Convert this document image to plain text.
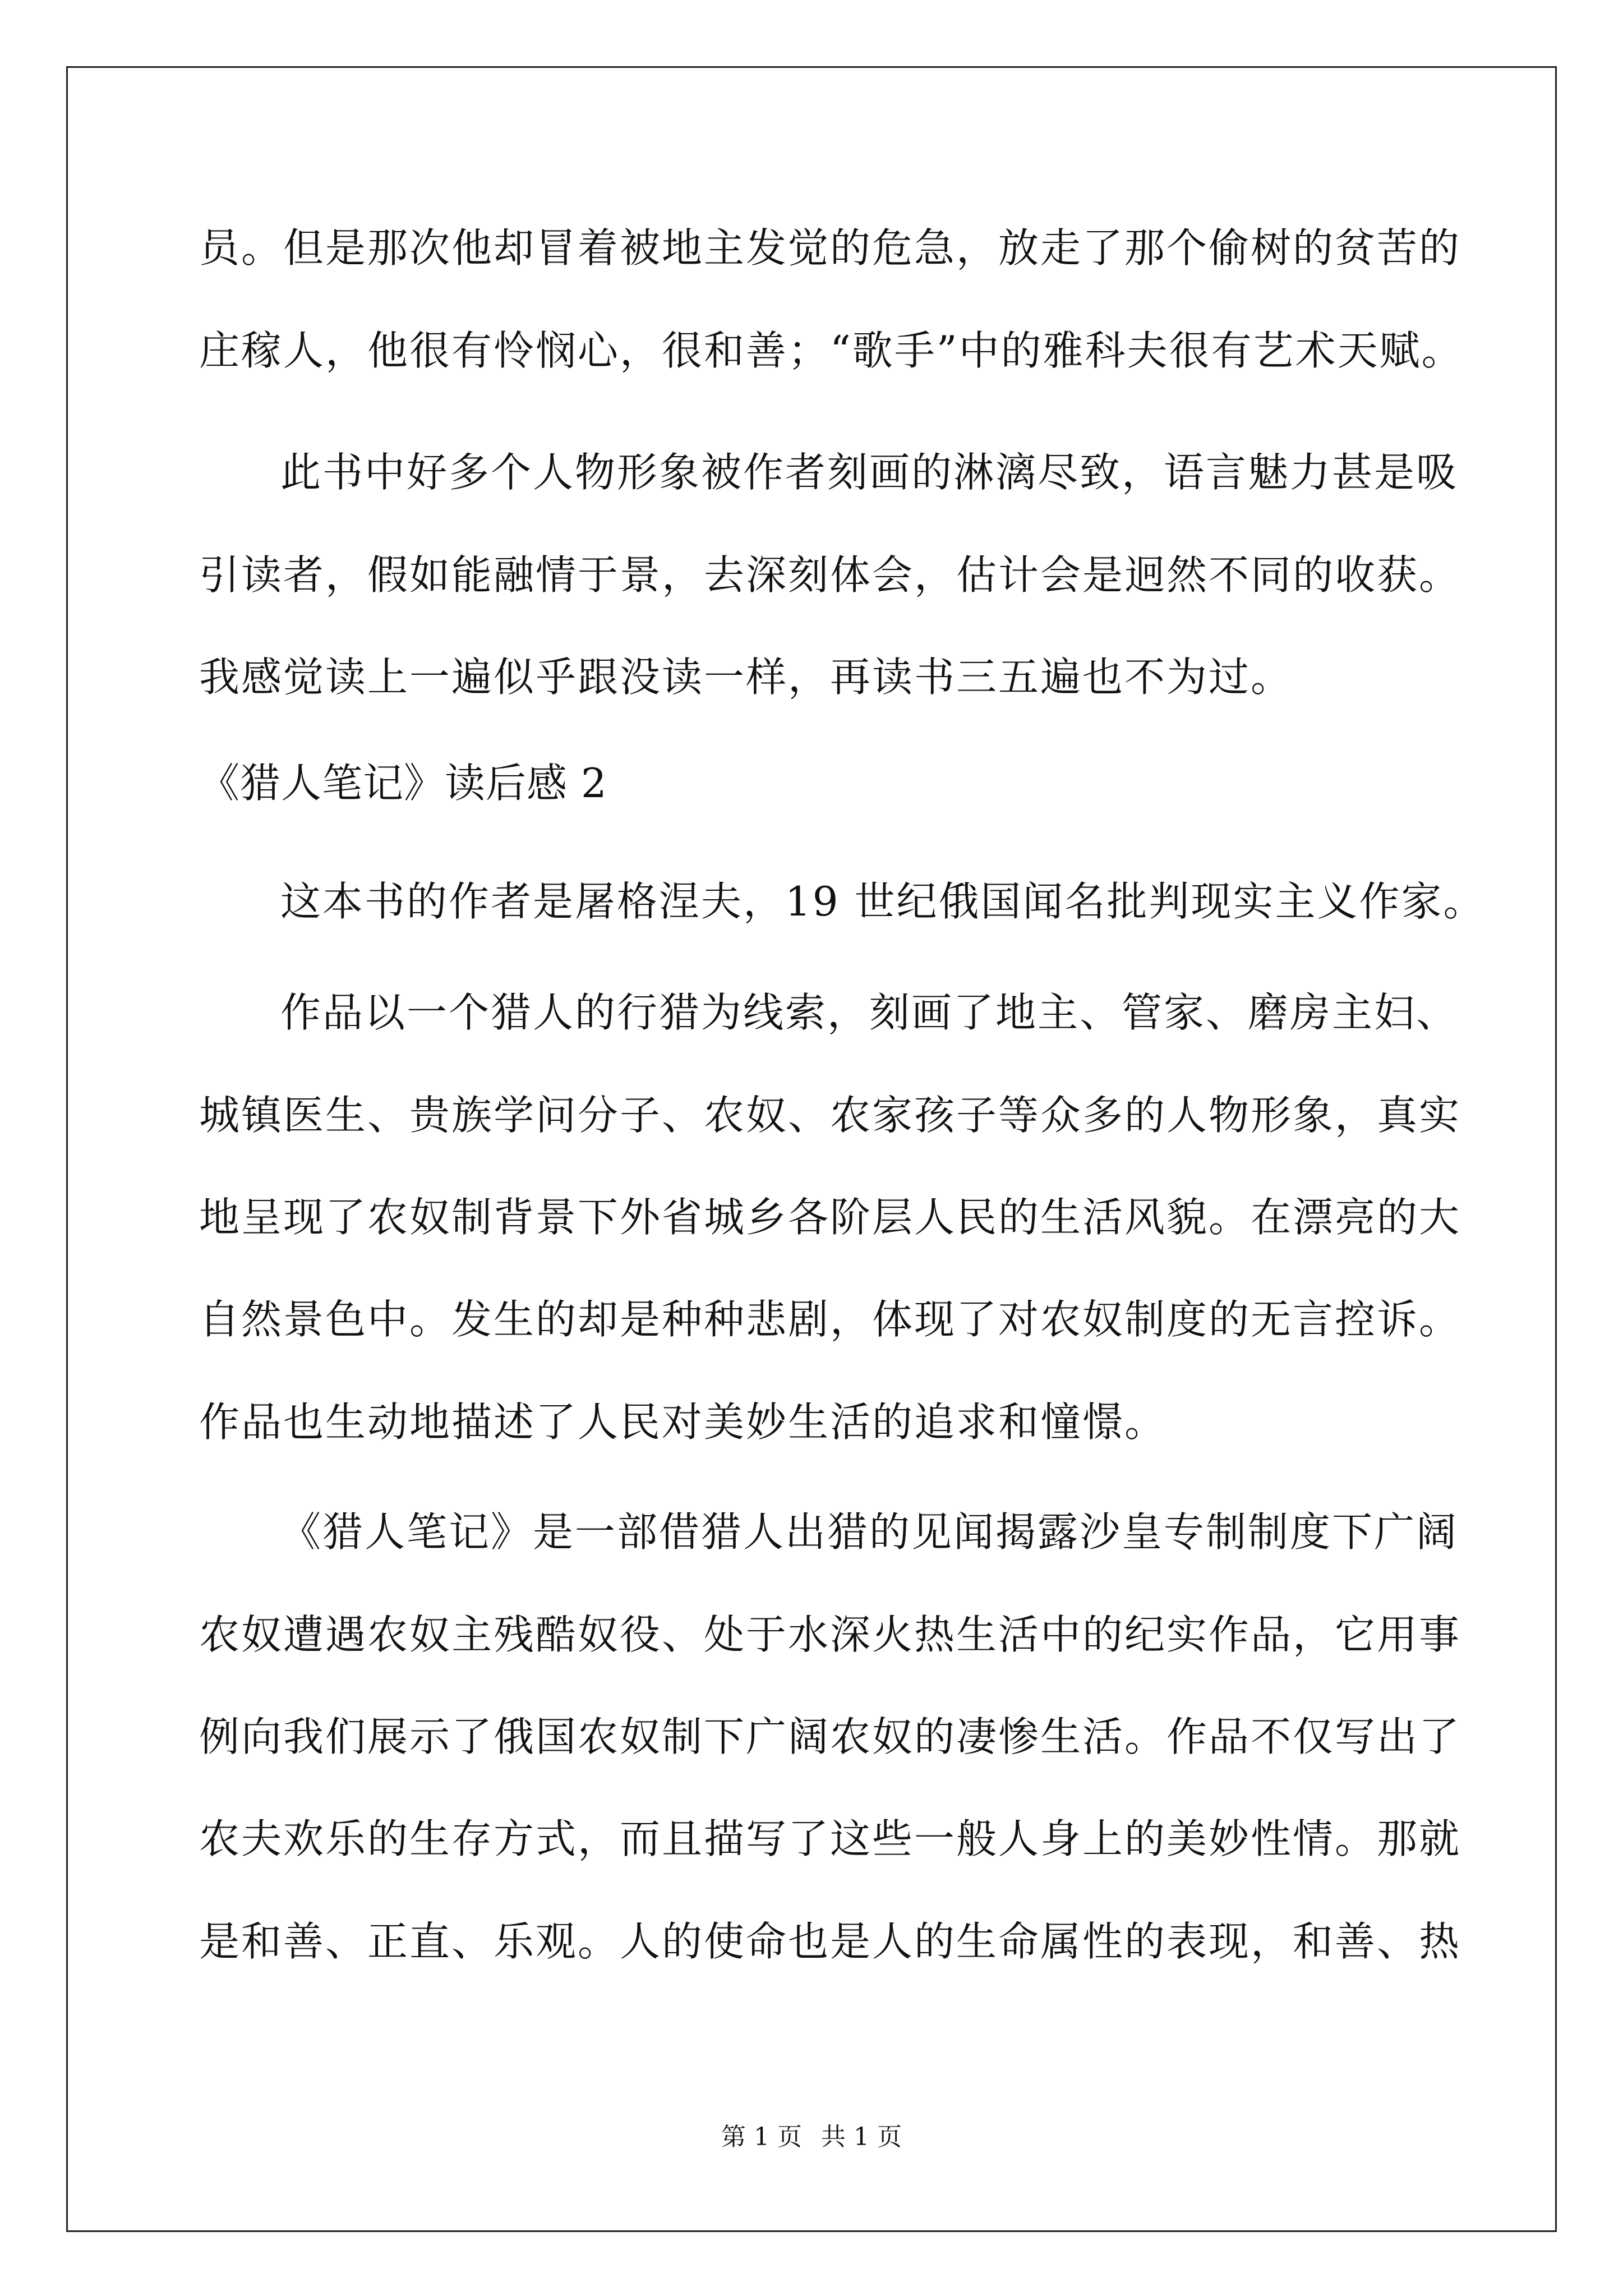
员。但是那次他却冒着被地主发觉的危急，放走了那个偷树的贫苦的
庄稼人，他很有怜悯心，很和善；“歌手”中的雅科夫很有艺术天赋。
此书中好多个人物形象被作者刻画的淋漓尽致，语言魅力甚是吸
引读者，假如能融情于景，去深刻体会，估计会是迥然不同的收获。
我感觉读上一遍似乎跟没读一样，再读书三五遍也不为过。
《猎人笔记》读后感 2
这本书的作者是屠格涅夫，19 世纪俄国闻名批判现实主义作家。
作品以一个猎人的行猎为线索，刻画了地主、管家、磨房主妇、
城镇医生、贵族学问分子、农奴、农家孩子等众多的人物形象，真实
地呈现了农奴制背景下外省城乡各阶层人民的生活风貌。在漂亮的大
自然景色中。发生的却是种种悲剧，体现了对农奴制度的无言控诉。
作品也生动地描述了人民对美妙生活的追求和憧憬。
《猎人笔记》是一部借猎人出猎的见闻揭露沙皇专制制度下广阔
农奴遭遇农奴主残酷奴役、处于水深火热生活中的纪实作品，它用事
例向我们展示了俄国农奴制下广阔农奴的凄惨生活。作品不仅写出了
农夫欢乐的生存方式，而且描写了这些一般人身上的美妙性情。那就
是和善、正直、乐观。人的使命也是人的生命属性的表现，和善、热
第 1 页 共 1 页
